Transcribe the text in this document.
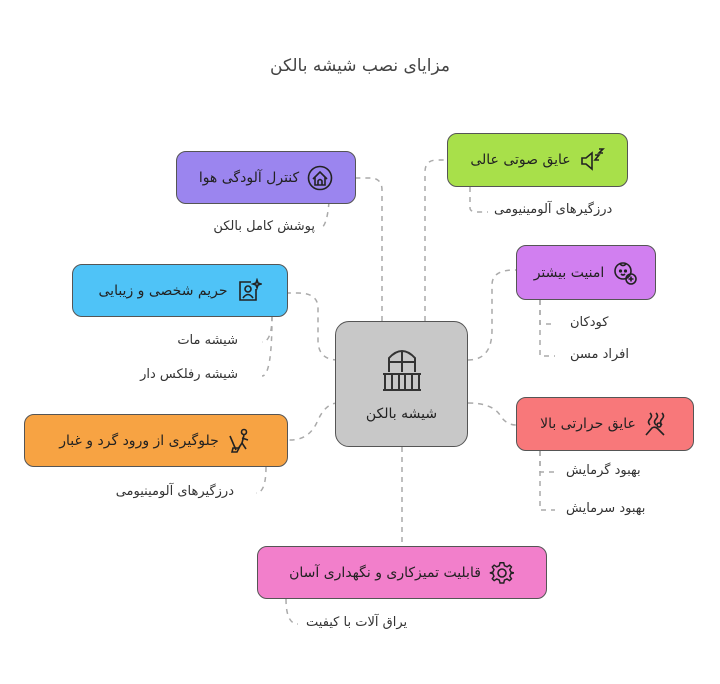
مزایای نصب شیشه بالکن
شیشه بالکن
کنترل آلودگی هوا
پوشش کامل بالکن
حریم شخصی و زیبایی
شیشه مات
شیشه رفلکس دار
جلوگیری از ورود گرد و غبار
درزگیرهای آلومینیومی
عایق صوتی عالی
درزگیرهای آلومینیومی
امنیت بیشتر
کودکان
افراد مسن
عایق حرارتی بالا
بهبود گرمایش
بهبود سرمایش
قابلیت تمیزکاری و نگهداری آسان
یراق آلات با کیفیت
